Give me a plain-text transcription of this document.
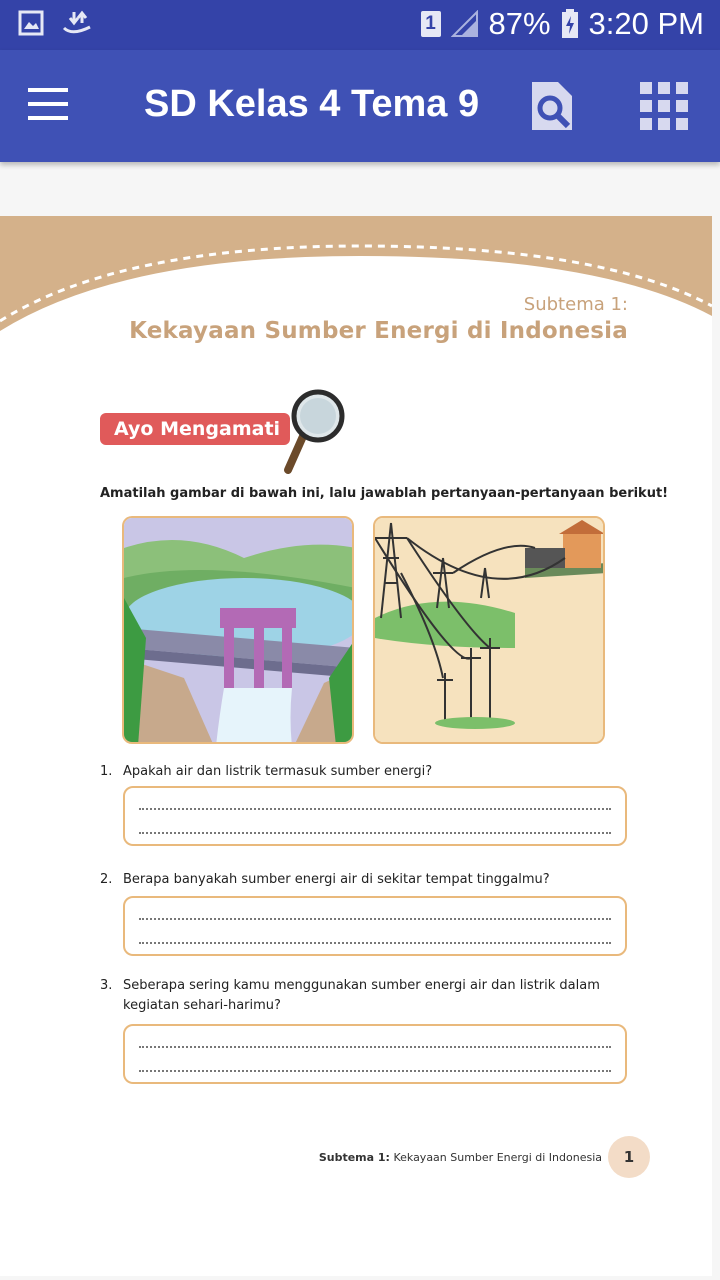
1 87% 3:20 PM
SD Kelas 4 Tema 9
Subtema 1:
Kekayaan Sumber Energi di Indonesia
Ayo Mengamati
Amatilah gambar di bawah ini, lalu jawablah pertanyaan-pertanyaan berikut!
1. Apakah air dan listrik termasuk sumber energi?
2. Berapa banyakah sumber energi air di sekitar tempat tinggalmu?
3. Seberapa sering kamu menggunakan sumber energi air dan listrik dalam kegiatan sehari-harimu?
Subtema 1: Kekayaan Sumber Energi di Indonesia	1
